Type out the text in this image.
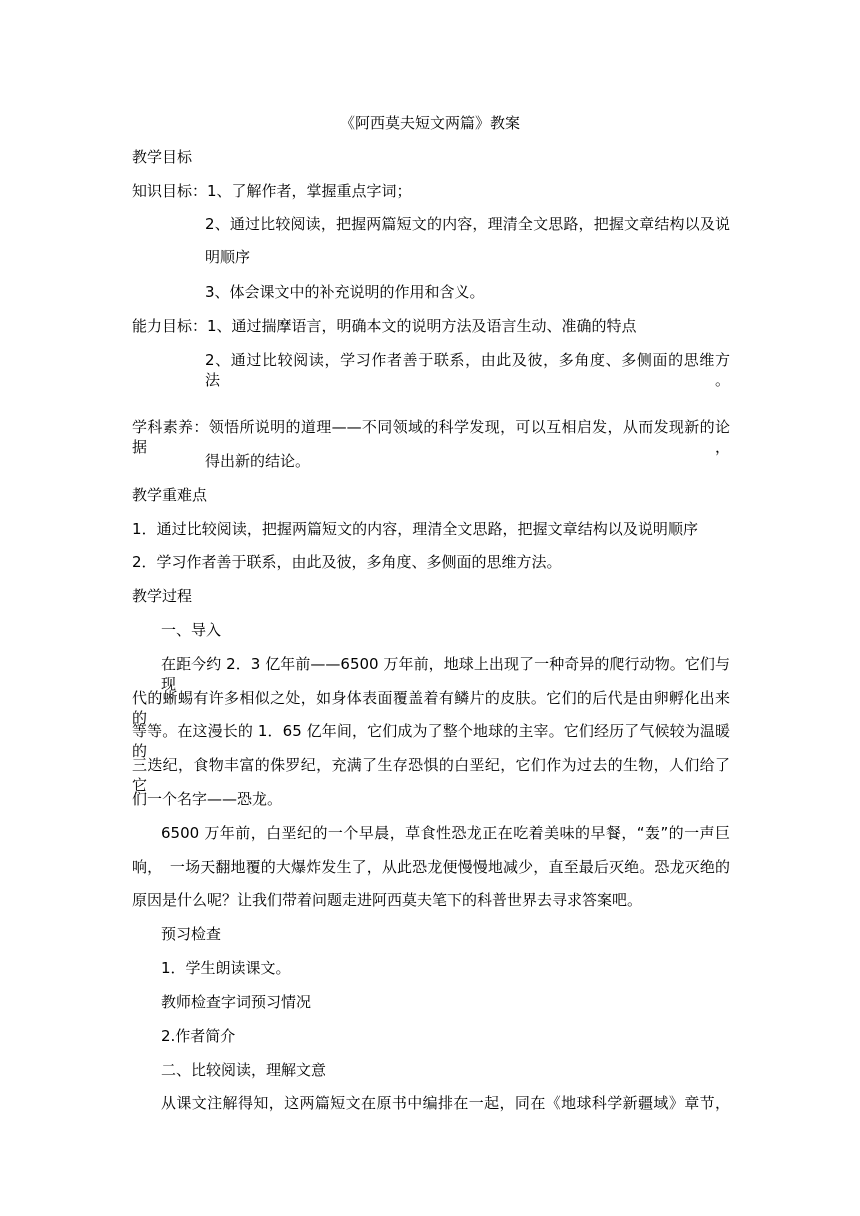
《阿西莫夫短文两篇》教案

教学目标

知识目标：1、了解作者，掌握重点字词；

2、通过比较阅读，把握两篇短文的内容，理清全文思路，把握文章结构以及说

明顺序

3、体会课文中的补充说明的作用和含义。

能力目标：1、通过揣摩语言，明确本文的说明方法及语言生动、准确的特点

2、通过比较阅读，学习作者善于联系，由此及彼，多角度、多侧面的思维方法。

学科素养：领悟所说明的道理——不同领域的科学发现，可以互相启发，从而发现新的论据，

得出新的结论。

教学重难点

1．通过比较阅读，把握两篇短文的内容，理清全文思路，把握文章结构以及说明顺序

2．学习作者善于联系，由此及彼，多角度、多侧面的思维方法。

教学过程

一、导入

在距今约 2．3 亿年前——6500 万年前，地球上出现了一种奇异的爬行动物。它们与现

代的蜥蜴有许多相似之处，如身体表面覆盖着有鳞片的皮肤。它们的后代是由卵孵化出来的

等等。在这漫长的 1．65 亿年间，它们成为了整个地球的主宰。它们经历了气候较为温暖的

三迭纪，食物丰富的侏罗纪，充满了生存恐惧的白垩纪，它们作为过去的生物，人们给了它

们一个名字——恐龙。

6500 万年前，白垩纪的一个早晨，草食性恐龙正在吃着美味的早餐，“轰”的一声巨

响，　一场天翻地覆的大爆炸发生了，从此恐龙便慢慢地减少，直至最后灭绝。恐龙灭绝的

原因是什么呢？让我们带着问题走进阿西莫夫笔下的科普世界去寻求答案吧。

预习检查

1．学生朗读课文。

教师检查字词预习情况

2.作者简介

二、比较阅读，理解文意

从课文注解得知，这两篇短文在原书中编排在一起，同在《地球科学新疆域》章节，
